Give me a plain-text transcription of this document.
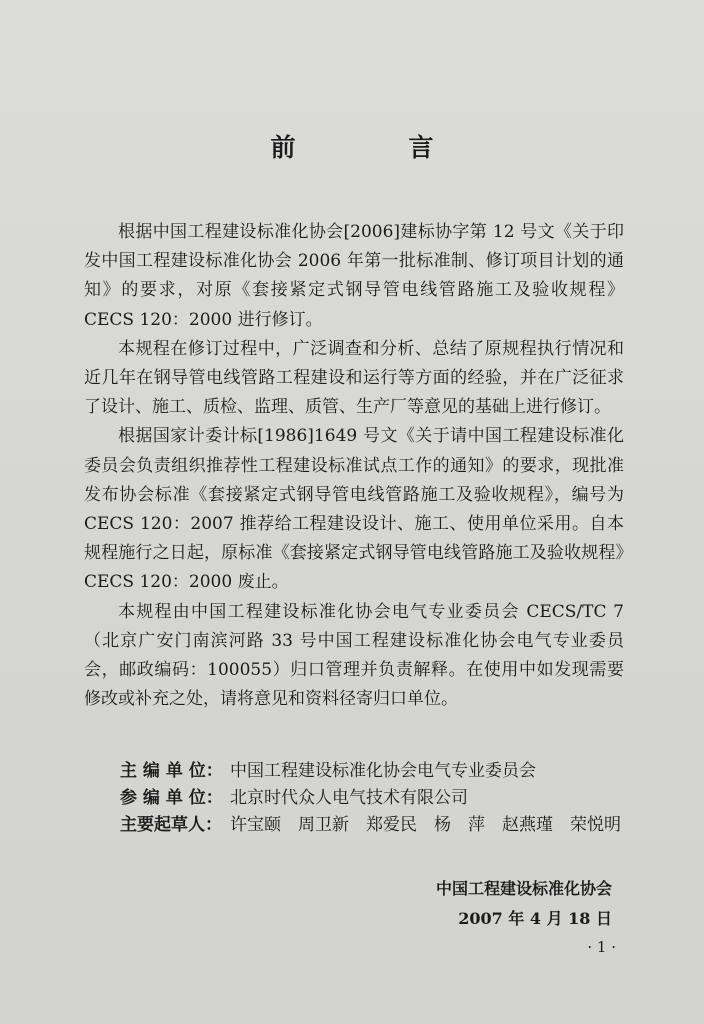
前　言

根据中国工程建设标准化协会[2006]建标协字第 12 号文《关于印发中国工程建设标准化协会 2006 年第一批标准制、修订项目计划的通知》的要求，对原《套接紧定式钢导管电线管路施工及验收规程》CECS 120：2000 进行修订。

本规程在修订过程中，广泛调查和分析、总结了原规程执行情况和近几年在钢导管电线管路工程建设和运行等方面的经验，并在广泛征求了设计、施工、质检、监理、质管、生产厂等意见的基础上进行修订。

根据国家计委计标[1986]1649 号文《关于请中国工程建设标准化委员会负责组织推荐性工程建设标准试点工作的通知》的要求，现批准发布协会标准《套接紧定式钢导管电线管路施工及验收规程》，编号为 CECS 120：2007 推荐给工程建设设计、施工、使用单位采用。自本规程施行之日起，原标准《套接紧定式钢导管电线管路施工及验收规程》CECS 120：2000 废止。

本规程由中国工程建设标准化协会电气专业委员会 CECS/TC 7（北京广安门南滨河路 33 号中国工程建设标准化协会电气专业委员会，邮政编码：100055）归口管理并负责解释。在使用中如发现需要修改或补充之处，请将意见和资料径寄归口单位。

主 编 单 位： 中国工程建设标准化协会电气专业委员会
参 编 单 位： 北京时代众人电气技术有限公司
主要起草人： 许宝颐　周卫新　郑爱民　杨　萍　赵燕瑾　荣悦明
中国工程建设标准化协会
2007 年 4 月 18 日
· 1 ·
